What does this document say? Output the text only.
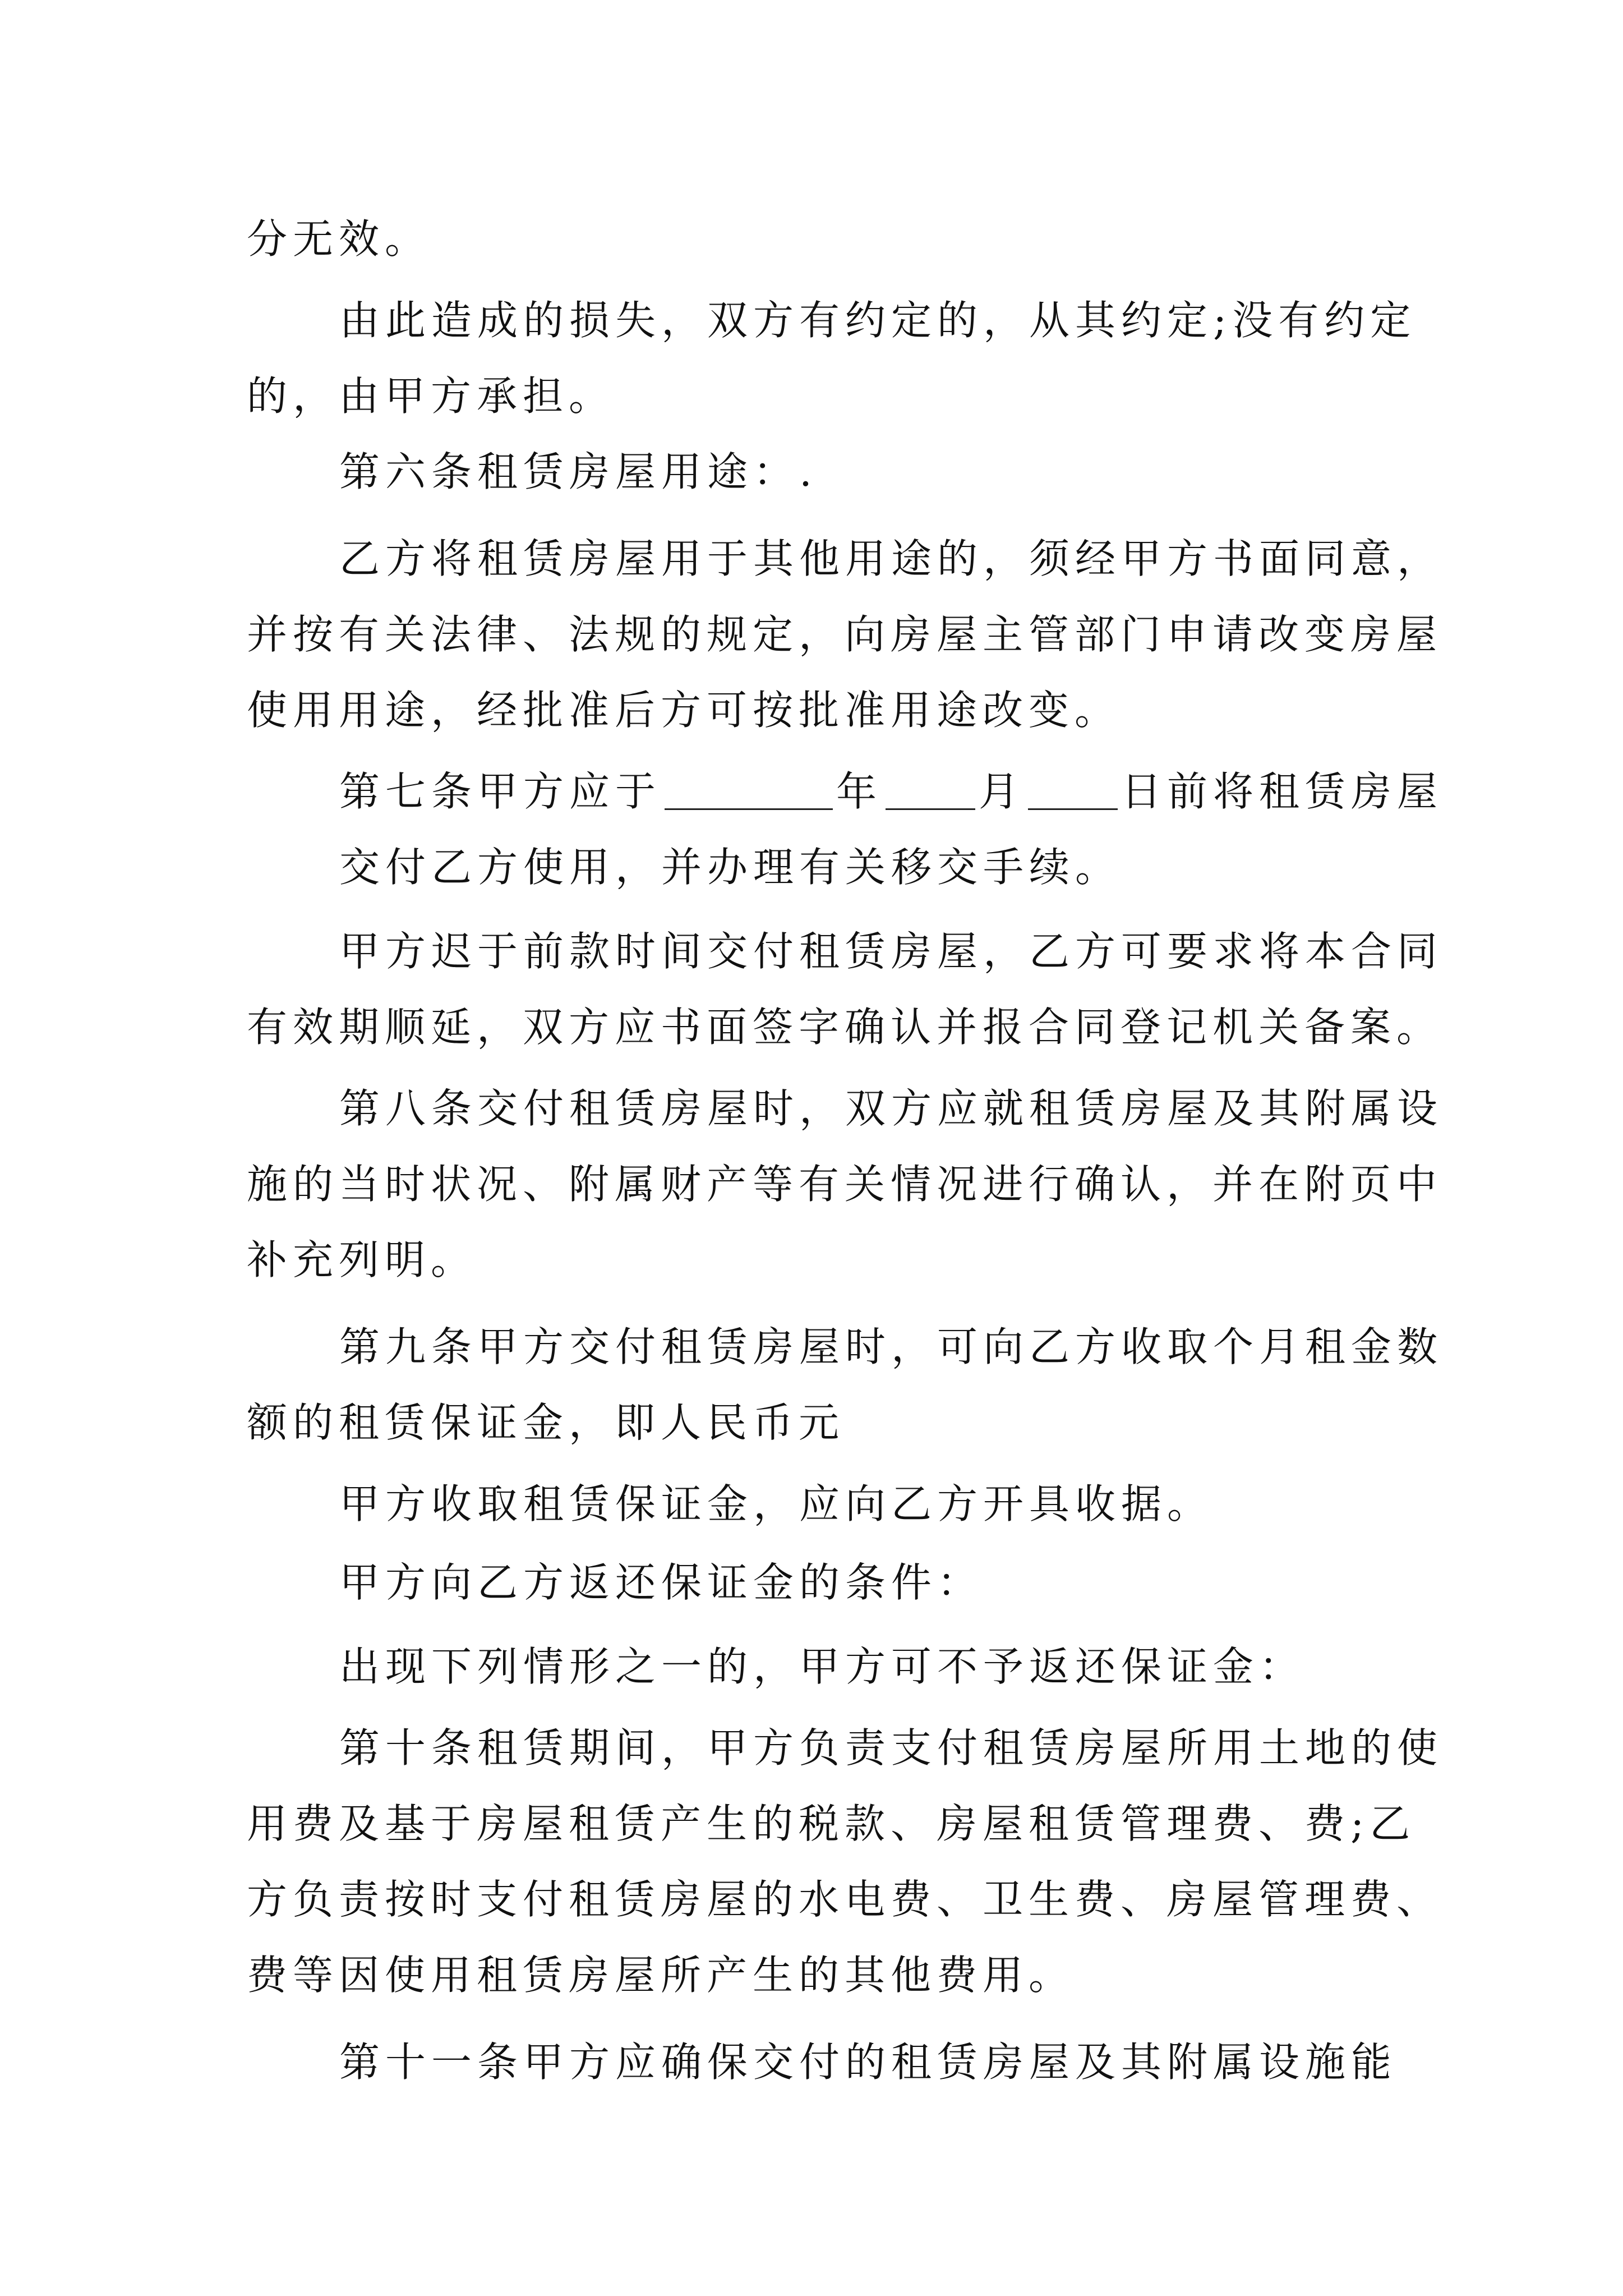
分无效。

由此造成的损失，双方有约定的，从其约定;没有约定

的，由甲方承担。

第六条租赁房屋用途：.

乙方将租赁房屋用于其他用途的，须经甲方书面同意，

并按有关法律、法规的规定，向房屋主管部门申请改变房屋

使用用途，经批准后方可按批准用途改变。

第七条甲方应于	年 月 日前将租赁房屋

交付乙方使用，并办理有关移交手续。

甲方迟于前款时间交付租赁房屋，乙方可要求将本合同

有效期顺延，双方应书面签字确认并报合同登记机关备案。

第八条交付租赁房屋时，双方应就租赁房屋及其附属设

施的当时状况、附属财产等有关情况进行确认，并在附页中

补充列明。

第九条甲方交付租赁房屋时，可向乙方收取个月租金数

额的租赁保证金，即人民币元

甲方收取租赁保证金，应向乙方开具收据。

甲方向乙方返还保证金的条件：

出现下列情形之一的，甲方可不予返还保证金：

第十条租赁期间，甲方负责支付租赁房屋所用土地的使

用费及基于房屋租赁产生的税款、房屋租赁管理费、费;乙

方负责按时支付租赁房屋的水电费、卫生费、房屋管理费、

费等因使用租赁房屋所产生的其他费用。

第十一条甲方应确保交付的租赁房屋及其附属设施能
